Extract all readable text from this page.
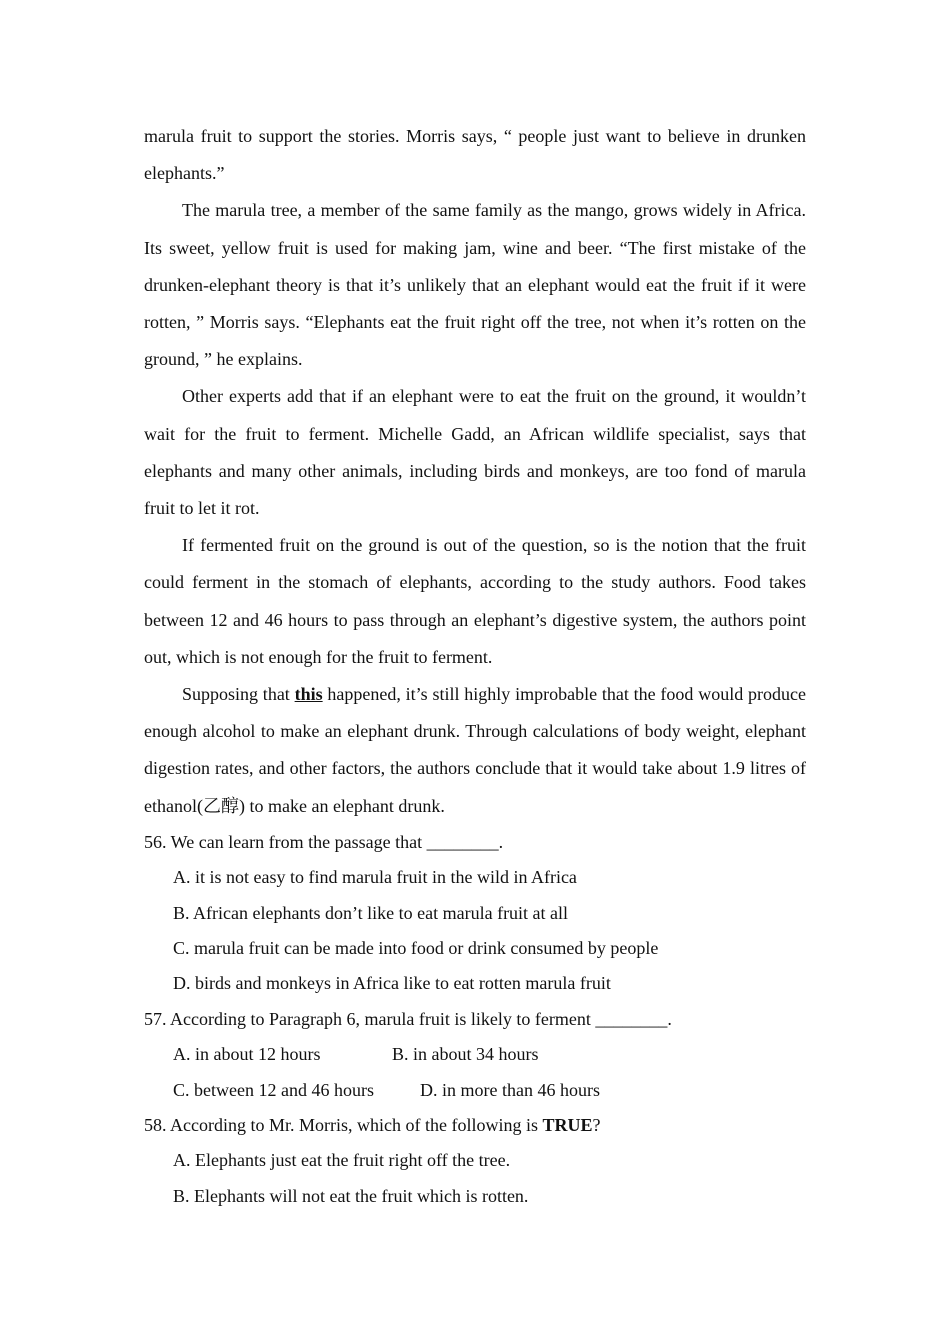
marula fruit to support the stories. Morris says, “ people just want to believe in drunken elephants.”

The marula tree, a member of the same family as the mango, grows widely in Africa. Its sweet, yellow fruit is used for making jam, wine and beer. “The first mistake of the drunken-elephant theory is that it’s unlikely that an elephant would eat the fruit if it were rotten, ” Morris says. “Elephants eat the fruit right off the tree, not when it’s rotten on the ground, ” he explains.

Other experts add that if an elephant were to eat the fruit on the ground, it wouldn’t wait for the fruit to ferment. Michelle Gadd, an African wildlife specialist, says that elephants and many other animals, including birds and monkeys, are too fond of marula fruit to let it rot.

If fermented fruit on the ground is out of the question, so is the notion that the fruit could ferment in the stomach of elephants, according to the study authors. Food takes between 12 and 46 hours to pass through an elephant’s digestive system, the authors point out, which is not enough for the fruit to ferment.

Supposing that this happened, it’s still highly improbable that the food would produce enough alcohol to make an elephant drunk. Through calculations of body weight, elephant digestion rates, and other factors, the authors conclude that it would take about 1.9 litres of ethanol(乙醇) to make an elephant drunk.

56. We can learn from the passage that ________.

A. it is not easy to find marula fruit in the wild in Africa

B. African elephants don’t like to eat marula fruit at all

C. marula fruit can be made into food or drink consumed by people

D. birds and monkeys in Africa like to eat rotten marula fruit

57. According to Paragraph 6, marula fruit is likely to ferment ________.

A. in about 12 hours	B. in about 34 hours
C. between 12 and 46 hours	D. in more than 46 hours

58. According to Mr. Morris, which of the following is TRUE?

A. Elephants just eat the fruit right off the tree.

B. Elephants will not eat the fruit which is rotten.
